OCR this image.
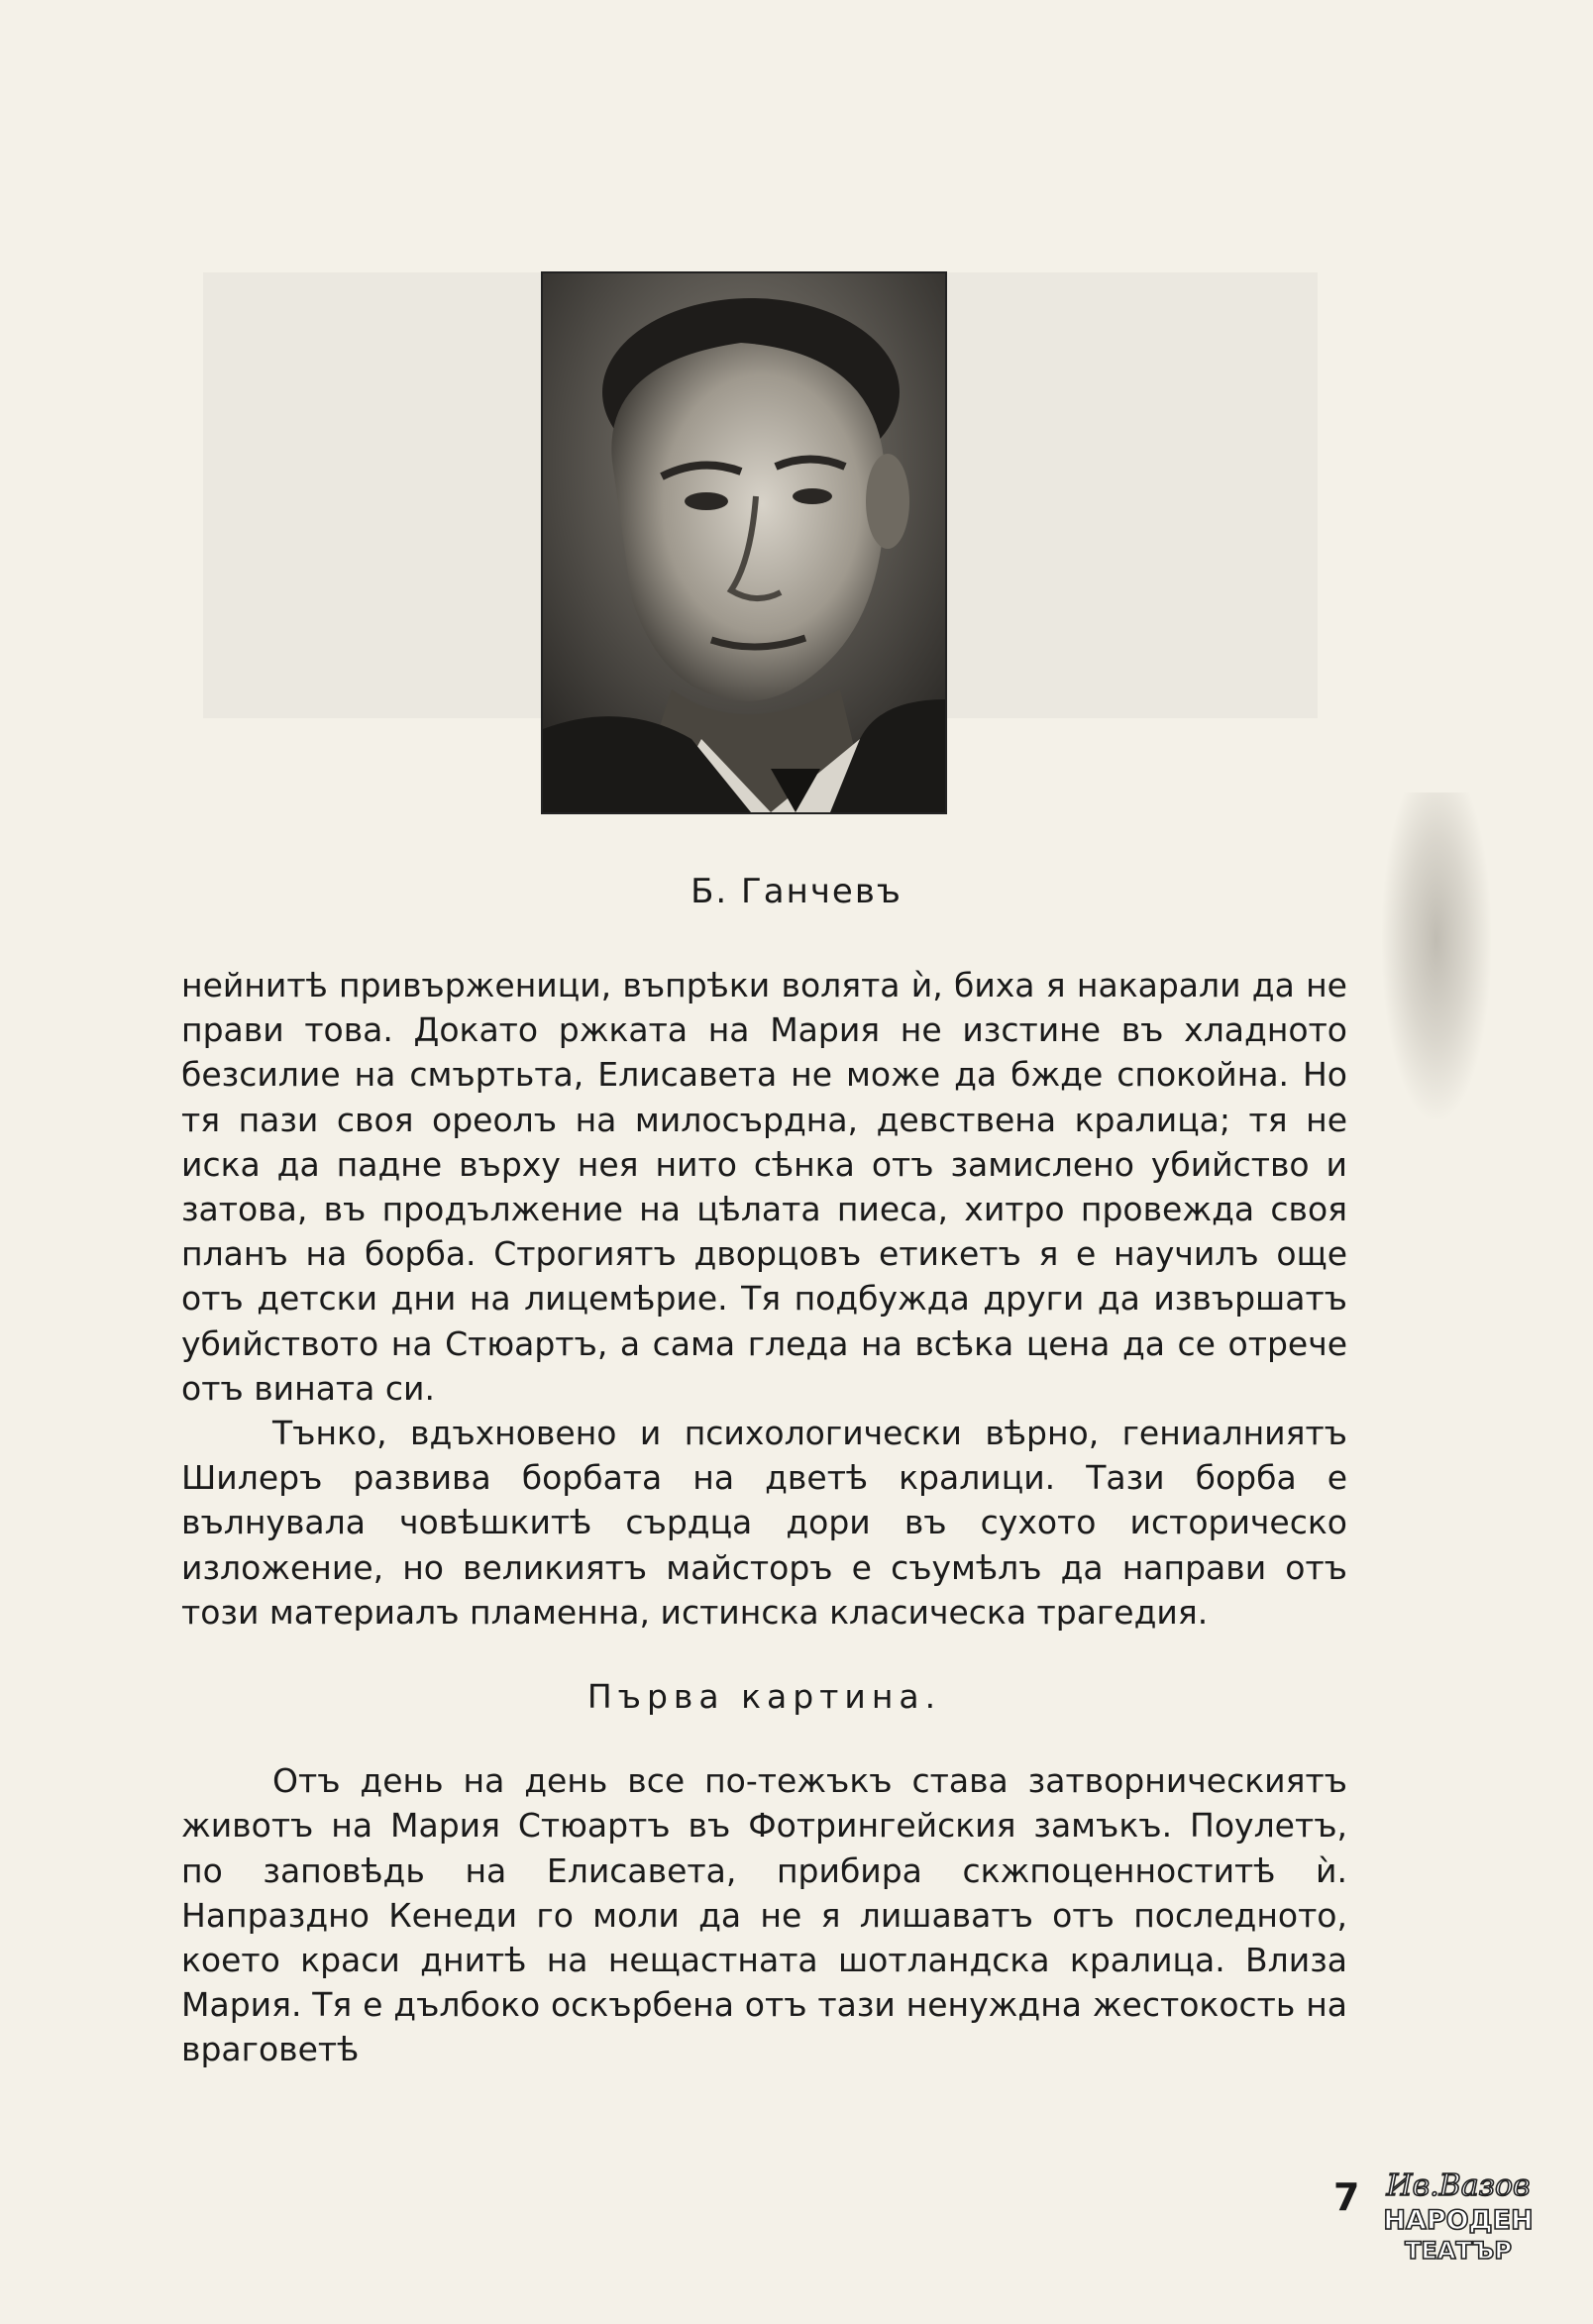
Б. Ганчевъ

нейнитѣ привърженици, въпрѣки волята ѝ, биха я накарали да не прави това. Докато ржката на Мария не изстине въ хладното безсилие на смъртьта, Елисавета не може да бжде спокойна. Но тя пази своя ореолъ на милосърдна, девствена кралица; тя не иска да падне върху нея нито сѣнка отъ замислено убийство и затова, въ продължение на цѣлата пиеса, хитро провежда своя планъ на борба. Строгиятъ дворцовъ етикетъ я е научилъ още отъ детски дни на лицемѣрие. Тя подбужда други да извършатъ убийството на Стюартъ, а сама гледа на всѣка цена да се отрече отъ вината си.

Тънко, вдъхновено и психологически вѣрно, гениалниятъ Шилеръ развива борбата на дветѣ кралици. Тази борба е вълнувала човѣшкитѣ сърдца дори въ сухото историческо изложение, но великиятъ майсторъ е съумѣлъ да направи отъ този материалъ пламенна, истинска класическа трагедия.

Първа картина.

Отъ день на день все по-тежъкъ става затворническиятъ животъ на Мария Стюартъ въ Фотрингейския замъкъ. Поулетъ, по заповѣдь на Елисавета, прибира скжпоценноститѣ ѝ. Напраздно Кенеди го моли да не я лишаватъ отъ последното, което краси днитѣ на нещастната шотландска кралица. Влиза Мария. Тя е дълбоко оскърбена отъ тази ненуждна жестокость на враговетѣ

7 Ив.Вазов
НАРОДЕН
ТЕАТЪР
